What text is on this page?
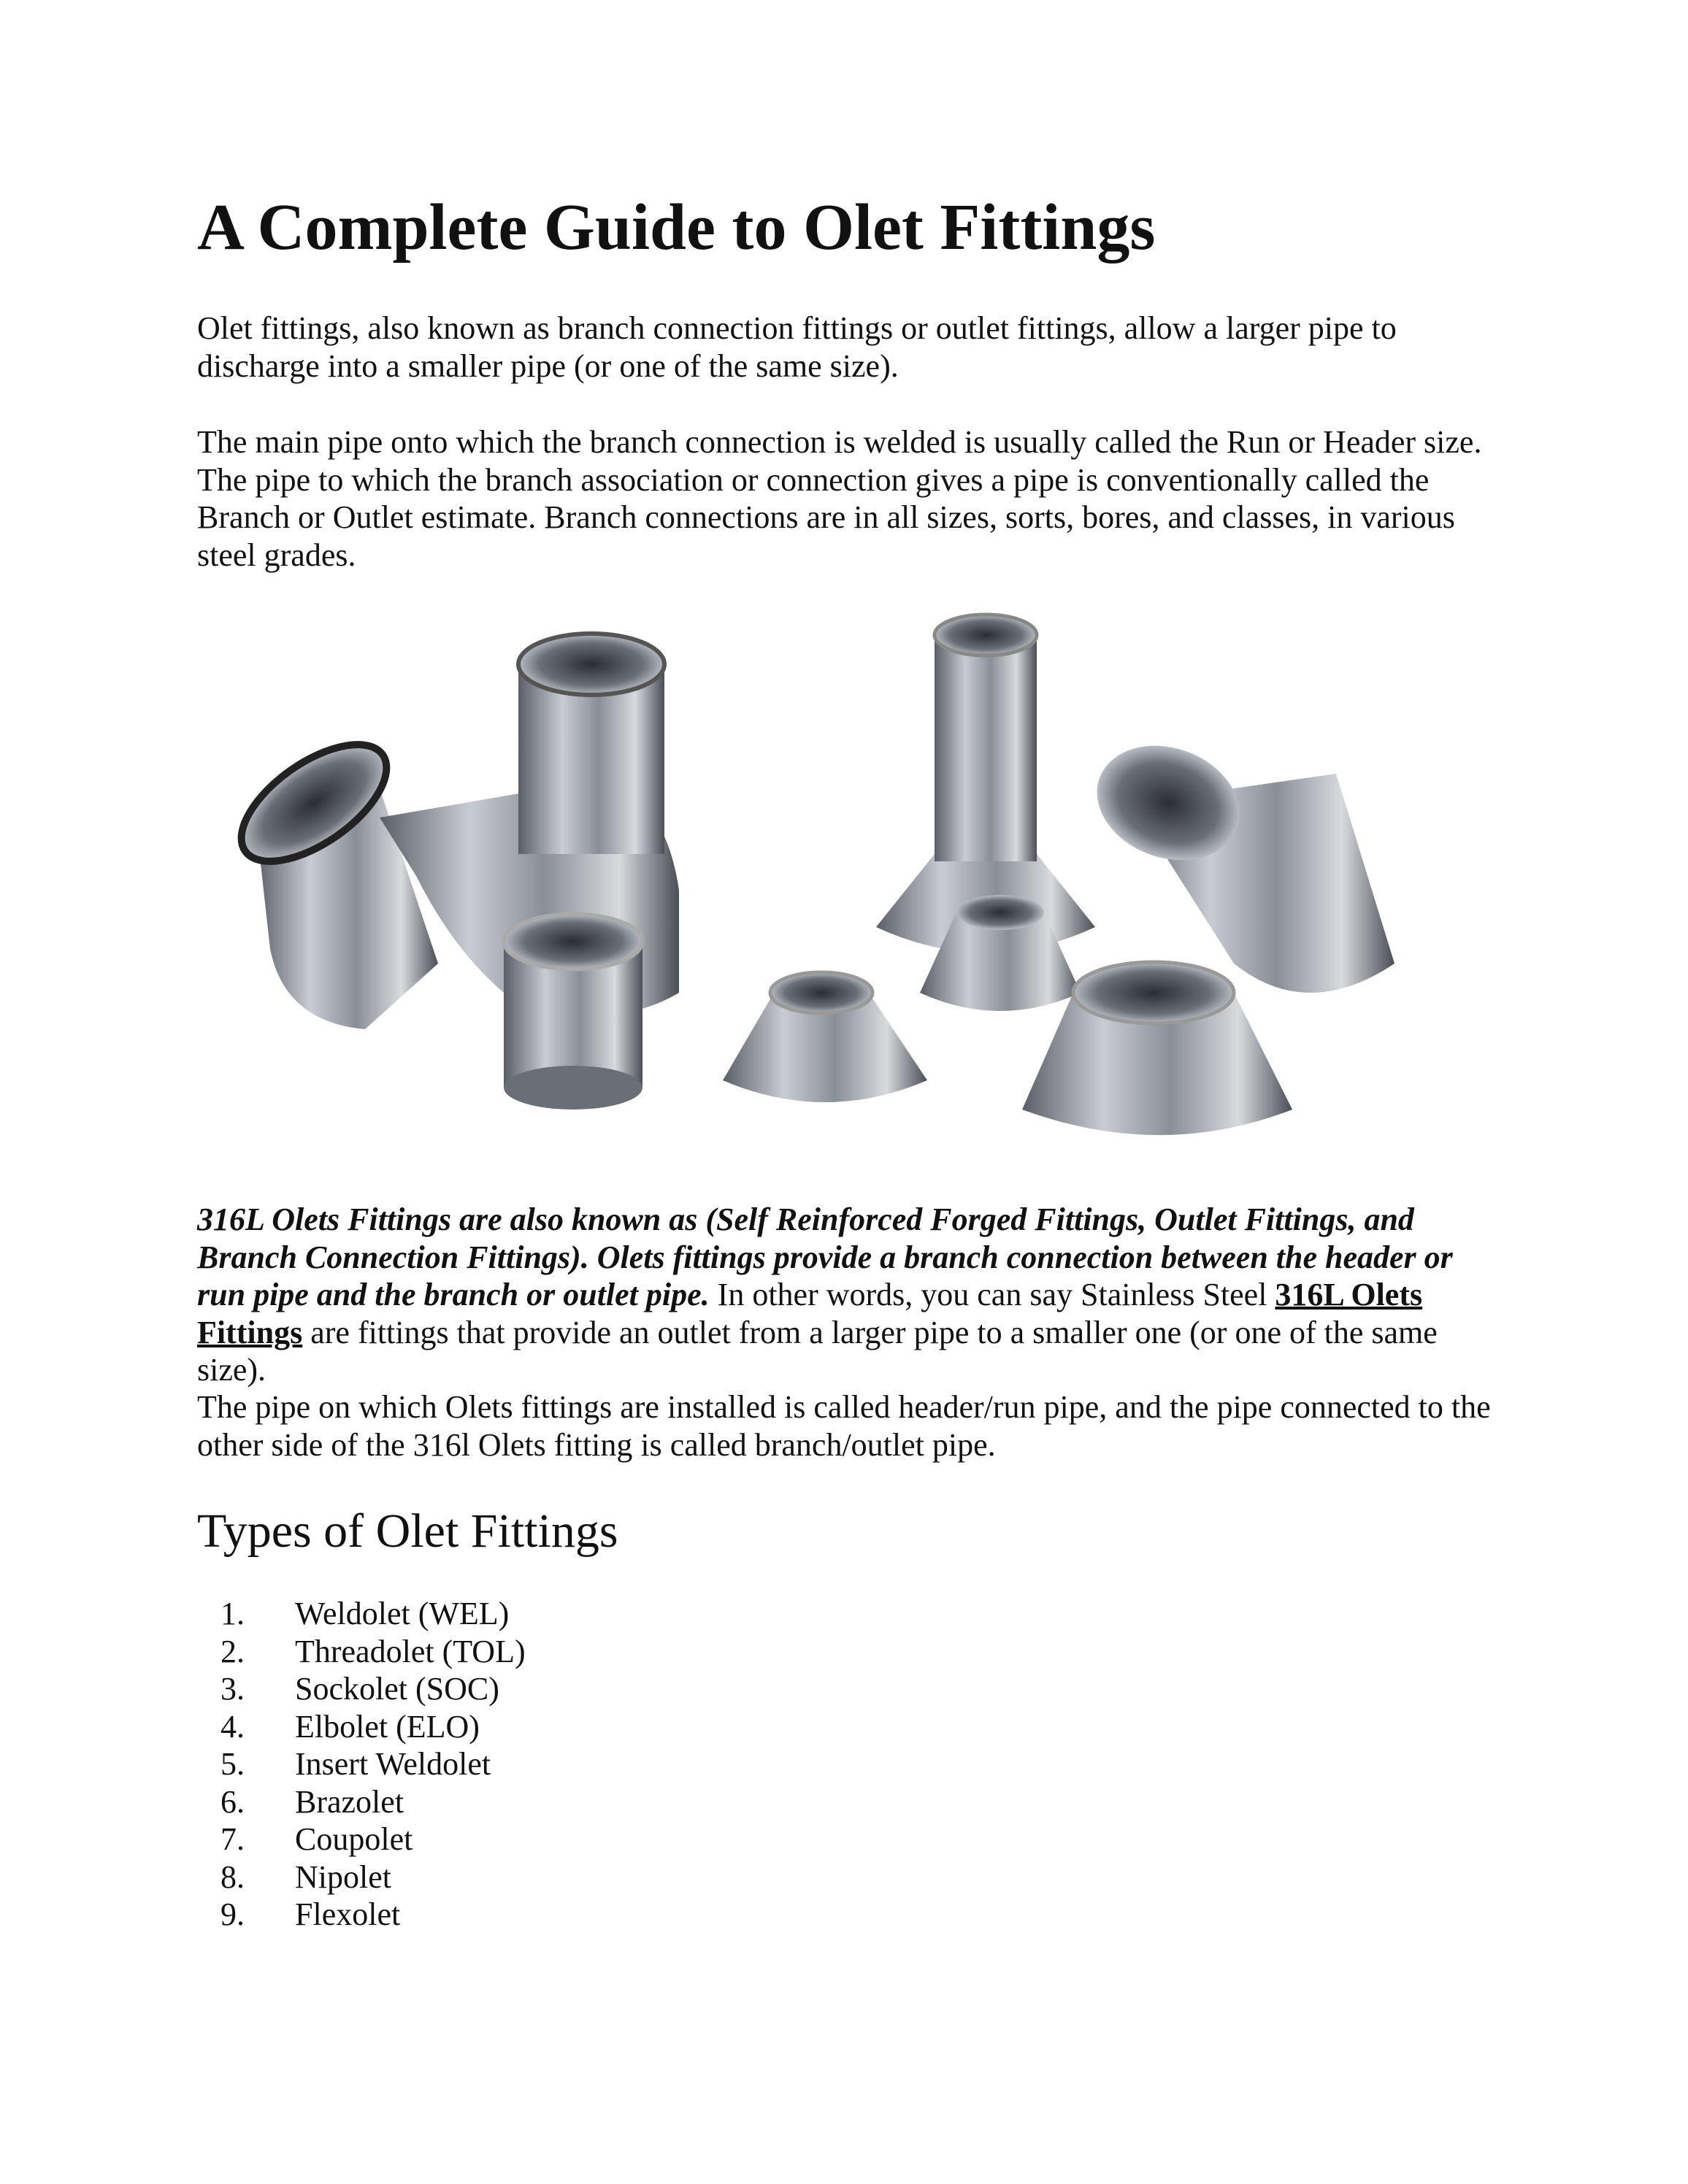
A Complete Guide to Olet Fittings

Olet fittings, also known as branch connection fittings or outlet fittings, allow a larger pipe to discharge into a smaller pipe (or one of the same size).

The main pipe onto which the branch connection is welded is usually called the Run or Header size. The pipe to which the branch association or connection gives a pipe is conventionally called the Branch or Outlet estimate. Branch connections are in all sizes, sorts, bores, and classes, in various steel grades.

316L Olets Fittings are also known as (Self Reinforced Forged Fittings, Outlet Fittings, and Branch Connection Fittings). Olets fittings provide a branch connection between the header or run pipe and the branch or outlet pipe. In other words, you can say Stainless Steel 316L Olets Fittings are fittings that provide an outlet from a larger pipe to a smaller one (or one of the same size).

The pipe on which Olets fittings are installed is called header/run pipe, and the pipe connected to the other side of the 316l Olets fitting is called branch/outlet pipe.

Types of Olet Fittings
1. Weldolet (WEL)
2. Threadolet (TOL)
3. Sockolet (SOC)
4. Elbolet (ELO)
5. Insert Weldolet
6. Brazolet
7. Coupolet
8. Nipolet
9. Flexolet
